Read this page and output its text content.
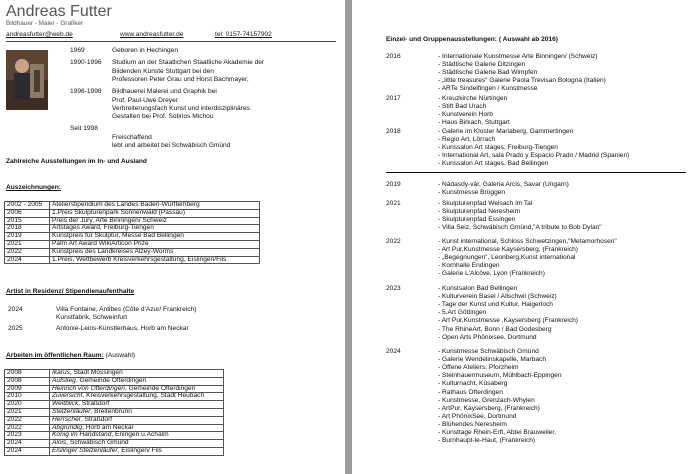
Andreas Futter
Bildhauer - Maler - Grafiker
andreasfutter@web.de	www.andreasfutter.de	tel: 0157-74157902
Zahlreiche Ausstellungen im In- und Ausland
Auszeichnungen:
2002 - 2005	Atelierstipendium des Landes Baden-Württemberg
2006	1.Preis Skulpturenpark Sonnenwald (Passau)
2015	Preis der Jury, Arte Binningen/ Schweiz
2018	Artstages Award, Freiburg-Tiengen
2019	Kunstpreis für Skulptur, Messe Bad Bellingen
2021	Palm Art Award WikiArticon Prize
2022	Kunstpreis des Landkreises Alzey-Worms
2024	1.Preis, Wettbewerb Kreisverkehrsgestaltung, Eislingen/Fils
Artist in Residenz/ Stipendienaufenthalte
Arbeiten im öffentlichen Raum: (Auswahl)
2008	Ikarus, Stadt Mössingen
2008	Aufstieg, Gemeinde Ofterdingen
2009	Heinrich von Ofterdingen, Gemeinde Ofterdingen
2010	Zuversicht, Kreisverkehrsgestaltung, Stadt Heubach
2020	Weitblick, Straßdorf
2021	Stelzenläufer, Breitenbrunn
2022	Herrscher, Straßdorf
2022	Abgründig, Horb am Neckar
2023	König im Handstand, Eningen u.Achalm
2024	Alois, Schwäbisch Gmünd
2024	Eislinger Stelzenläufer, Eislingen/ Fils
1969	Geboren in Hechingen
1990-1996 Studium an der Staatlichen Staatliche Akademie der
Bildenden Künste Stuttgart bei den
Professoren Peter Grau und Horst Bachmayer,
1996-1998 Bildhauerei Malerei und Graphik bei
Prof. Paul-Uwe Dreyer
Verbreiterungsfach Kunst und interdisziplinäres
Gestalten bei Prof. Sotirios Michou
Seit 1998
Freischaffend
lebt und arbeitet bei Schwäbisch Gmünd
2024	Villa Fontaine, Antibes (Côte d'Azur/ Frankreich)
Kunstfabrik, Schweinfurt
2025	Antonie-Leins-Künstlerhaus, Horb am Neckar
Einzel- und Gruppenausstellungen: ( Auswahl ab 2016)
2016	- Internationale Kunstmesse Arte Binningen/ (Schweiz)
- Städtische Galerie Ditzingen
- Städtische Galerie Bad Wimpfen
- „little treasures“ Galerie Paola Trevisan Bologna (Italien)
- ARTe Sindelfingen / Kunstmesse
2017	- Kreuzkirche Nürtingen
- Stift Bad Urach
- Kunstverein Horb
- Haus Birkach, Stuttgart
2018	- Galerie im Kloster Mariaberg, Gammertingen
- Regio Art, Lörrach
- Kunssalon Art stages, Freiburg-Tiengen
- International Art, sala Prado y Espacio Prado / Madrid (Spanien)
- Kunssalon Art stages, Bad Bellingen
2019	- Nádasdy-vár, Galeria Arcis, Savar (Ungarn)
- Kunstmesse Brüggen
2021	- Skulpturenpfad Weisach im Tal
- Skulpturenpfad Neresheim
- Skulpturenpfad Essingen
- Villa Seiz, Schwäbisch Gmünd,"A tribute to Bob Dylan"
2022	- Kunst international, Schloss Schwetzingen,"Metamorhosen"
- Art Pur,Kunstmesse Kaysersberg, (Frankreich)
- „Begegnungen“, Leonberg,Kunst international
- Kornhalle Endingen
- Galerie L'Alcôve, Lyon (Frankreich)
2023	- Kunstsalon Bad Bellingen
- Kulturverein Basel / Allschwil (Schweiz)
- Tage der Kunst und Kultur, Haigerloch
- 5.Art Göttingen
- Art Pur,Kunstmesse ,Kaysersberg (Frankreich)
- The RhineArt, Bonn / Bad Godesberg
- Open Arts Phönixsee, Dortmund
2024	- Kunstmesse Schwäbisch Gmünd
- Galerie Wendelinskapelle, Marbach
- Offene Ateliers, Pforzheim
- Steinhauermuseum, Mühlbach-Eppingen
- Kulturnacht, Küsaberg
- Rathaus Ofterdingen
- Kunstmesse, Grenzach-Whylen
- ArtPur, Kaysersberg, (Frankreich)
- Art PhönixSee, Dortmund
- Blühendes Neresheim
- Kunsttage Rhein-Erft, Abtei Brauweiler,
- Burnhaupt-le-Haut, (Frankreich)
